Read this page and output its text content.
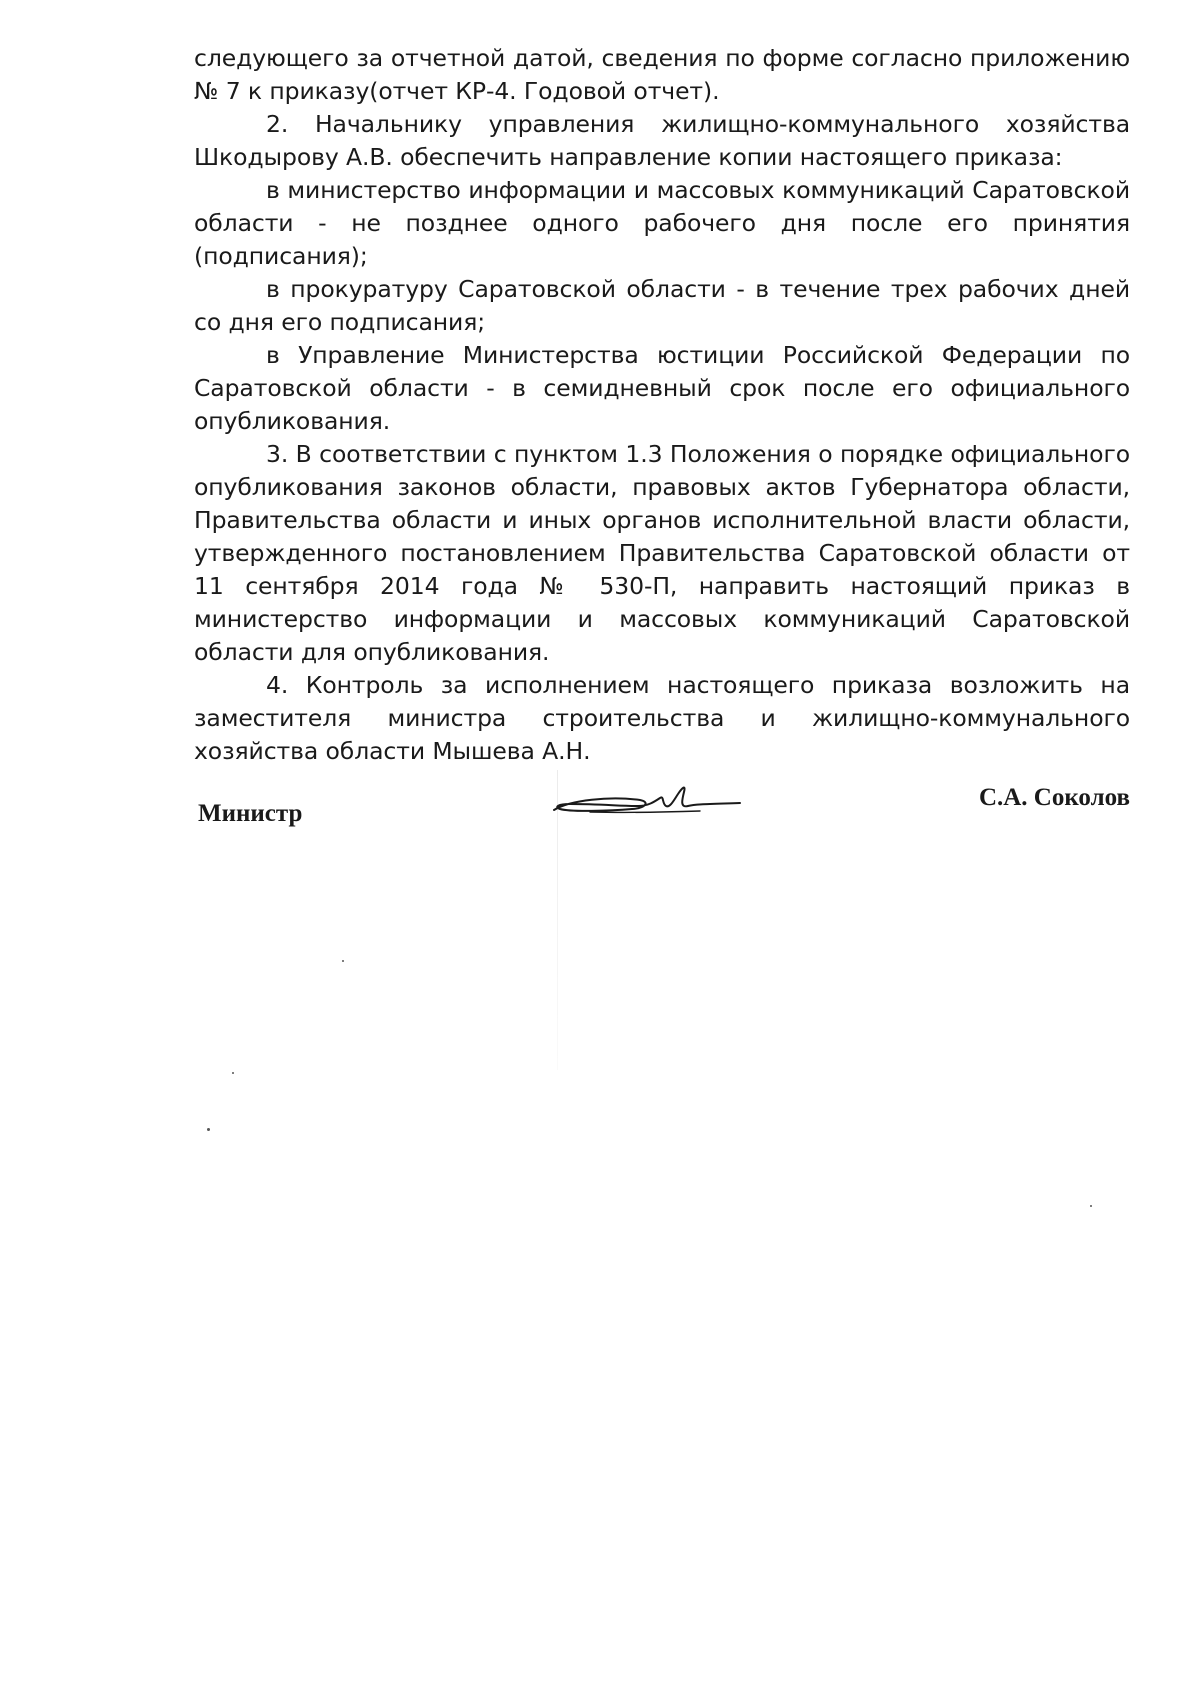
следующего за отчетной датой, сведения по форме согласно приложению № 7 к приказу(отчет КР-4. Годовой отчет).

2. Начальнику управления жилищно-коммунального хозяйства Шкодырову А.В. обеспечить направление копии настоящего приказа:

в министерство информации и массовых коммуникаций Саратовской области - не позднее одного рабочего дня после его принятия (подписания);

в прокуратуру Саратовской области - в течение трех рабочих дней со дня его подписания;

в Управление Министерства юстиции Российской Федерации по Саратовской области - в семидневный срок после его официального опубликования.

3. В соответствии с пунктом 1.3 Положения о порядке официального опубликования законов области, правовых актов Губернатора области, Правительства области и иных органов исполнительной власти области, утвержденного постановлением Правительства Саратовской области от 11 сентября 2014 года № 530-П, направить настоящий приказ в министерство информации и массовых коммуникаций Саратовской области для опубликования.

4. Контроль за исполнением настоящего приказа возложить на заместителя министра строительства и жилищно-коммунального хозяйства области Мышева А.Н.

Министр
С.А. Соколов
